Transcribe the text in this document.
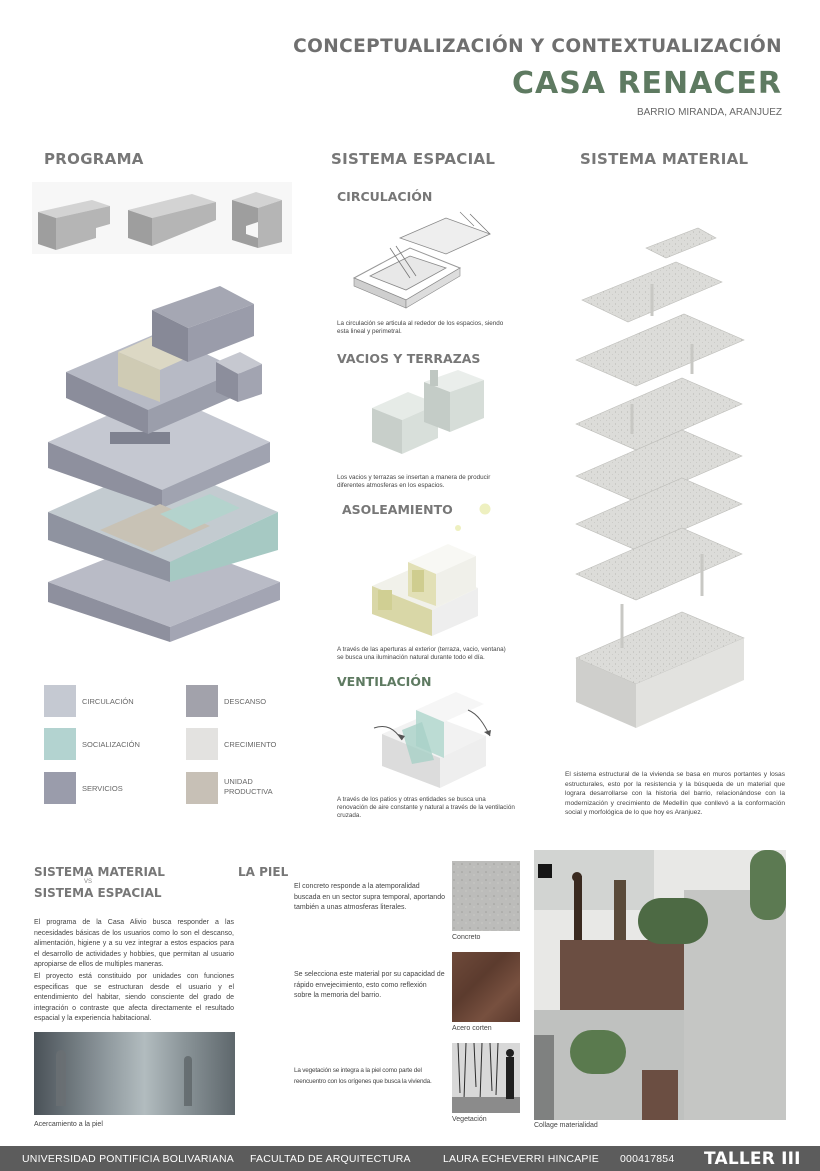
CONCEPTUALIZACIÓN Y CONTEXTUALIZACIÓN
CASA RENACER
BARRIO MIRANDA, ARANJUEZ
PROGRAMA	SISTEMA ESPACIAL	SISTEMA MATERIAL
CIRCULACIÓN	DESCANSO
SOCIALIZACIÓN	CRECIMIENTO
SERVICIOS
UNIDAD PRODUCTIVA
CIRCULACIÓN
La circulación se articula al rededor de los espacios, siendo esta lineal y perimetral.
VACIOS Y TERRAZAS
Los vacios y terrazas se insertan a manera de producir diferentes atmosferas en los espacios.
ASOLEAMIENTO
A través de las aperturas al exterior (terraza, vacio, ventana) se busca una iluminación natural durante todo el día.
VENTILACIÓN
A través de los patios y otras entidades se busca una renovación de aire constante y natural a través de la ventilación cruzada.
El sistema estructural de la vivienda se basa en muros portantes y losas estructurales, esto por la resistencia y la búsqueda de un material que lograra desarrollarse con la historia del barrio, relacionándose con la modernización y crecimiento de Medellín que conllevó a la conformación social y morfológica de lo que hoy es Aranjuez.
SISTEMA MATERIAL
VS
SISTEMA ESPACIAL
El programa de la Casa Alivio busca responder a las necesidades básicas de los usuarios como lo son el descanso, alimentación, higiene y a su vez integrar a estos espacios para el desarrollo de actividades y hobbies, que permitan al usuario apropiarse de ellos de multiples maneras.
El proyecto está constituido por unidades con funciones especificas que se estructuran desde el usuario y el entendimiento del habitar, siendo consciente del grado de integración o contraste que afecta directamente el resultado espacial y la experiencia habitacional.
Acercamiento a la piel
LA PIEL
El concreto responde a la atemporalidad buscada en un sector supra temporal, aportando también a unas atmosferas literales.
Se selecciona este material por su capacidad de rápido envejecimiento, esto como reflexión sobre la memoria del barrio.
La vegetación se integra a la piel como parte del reencuentro con los orígenes que busca la vivienda.
Concreto
Acero corten
Vegetación
Collage materialidad
UNIVERSIDAD PONTIFICIA BOLIVARIANA FACULTAD DE ARQUITECTURA	LAURA ECHEVERRI HINCAPIE 000417854 TALLER III
